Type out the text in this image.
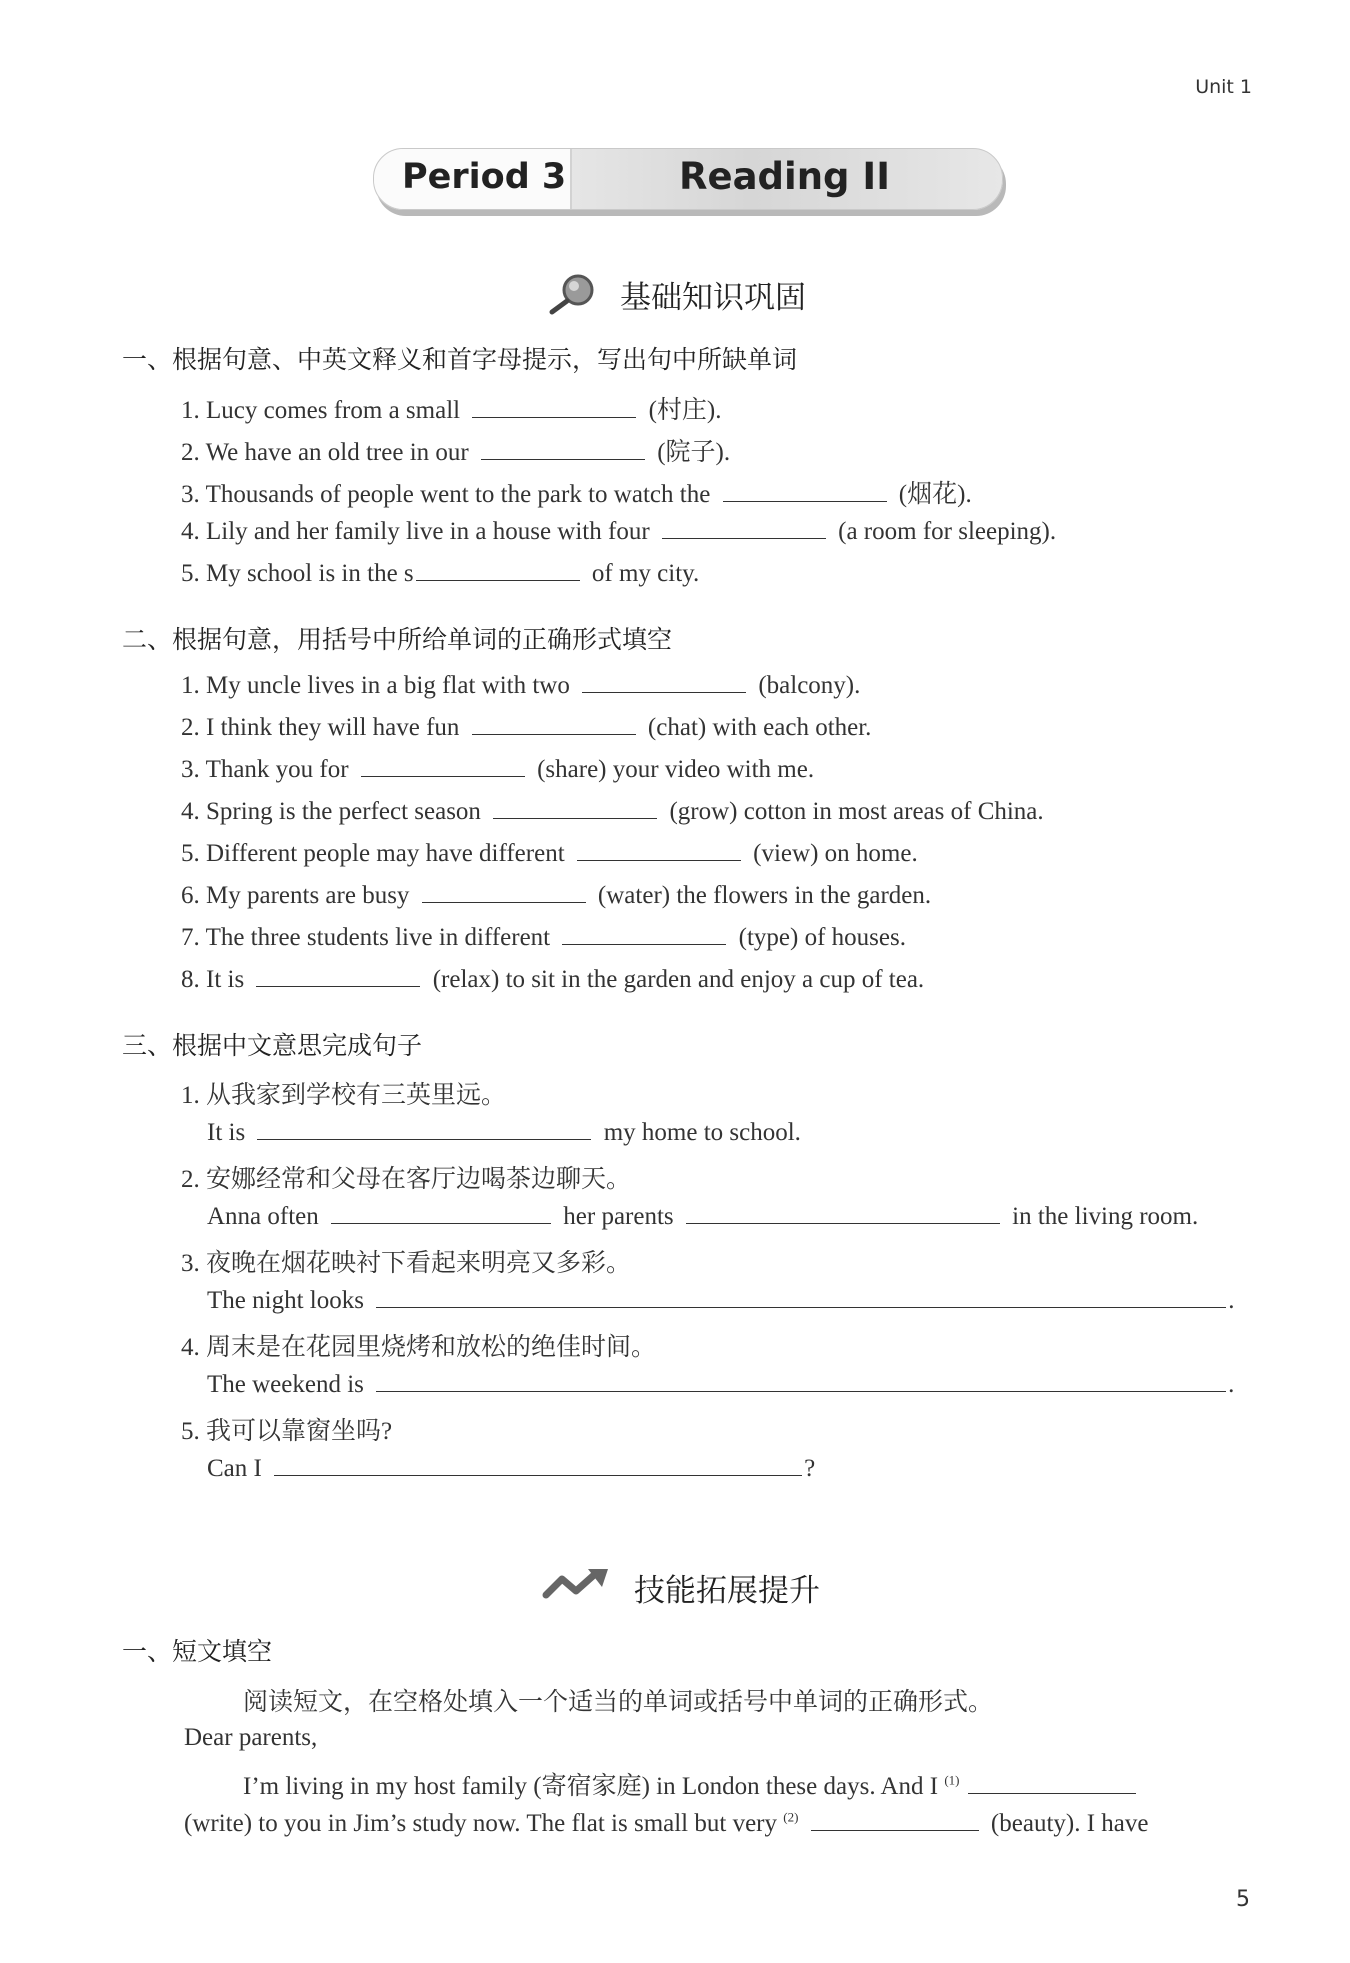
Unit 1
Period 3	Reading II
基础知识巩固
一、根据句意、中英文释义和首字母提示，写出句中所缺单词
1. Lucy comes from a small	(村庄).
2. We have an old tree in our	(院子).
3. Thousands of people went to the park to watch the	(烟花).
4. Lily and her family live in a house with four	(a room for sleeping).
5. My school is in the s	of my city.
二、根据句意，用括号中所给单词的正确形式填空
1. My uncle lives in a big flat with two	(balcony).
2. I think they will have fun	(chat) with each other.
3. Thank you for	(share) your video with me.
4. Spring is the perfect season	(grow) cotton in most areas of China.
5. Different people may have different	(view) on home.
6. My parents are busy	(water) the flowers in the garden.
7. The three students live in different	(type) of houses.
8. It is	(relax) to sit in the garden and enjoy a cup of tea.
三、根据中文意思完成句子
1. 从我家到学校有三英里远。
It is	my home to school.
2. 安娜经常和父母在客厅边喝茶边聊天。
Anna often	her parents	in the living room.
3. 夜晚在烟花映衬下看起来明亮又多彩。
The night looks	.
4. 周末是在花园里烧烤和放松的绝佳时间。
The weekend is	.
5. 我可以靠窗坐吗?
Can I	?
技能拓展提升
一、短文填空
阅读短文，在空格处填入一个适当的单词或括号中单词的正确形式。
Dear parents,
I’m living in my host family (寄宿家庭) in London these days. And I $^{(1)}$
(write) to you in Jim’s study now. The flat is small but very $^{(2)}$	(beauty). I have
5
